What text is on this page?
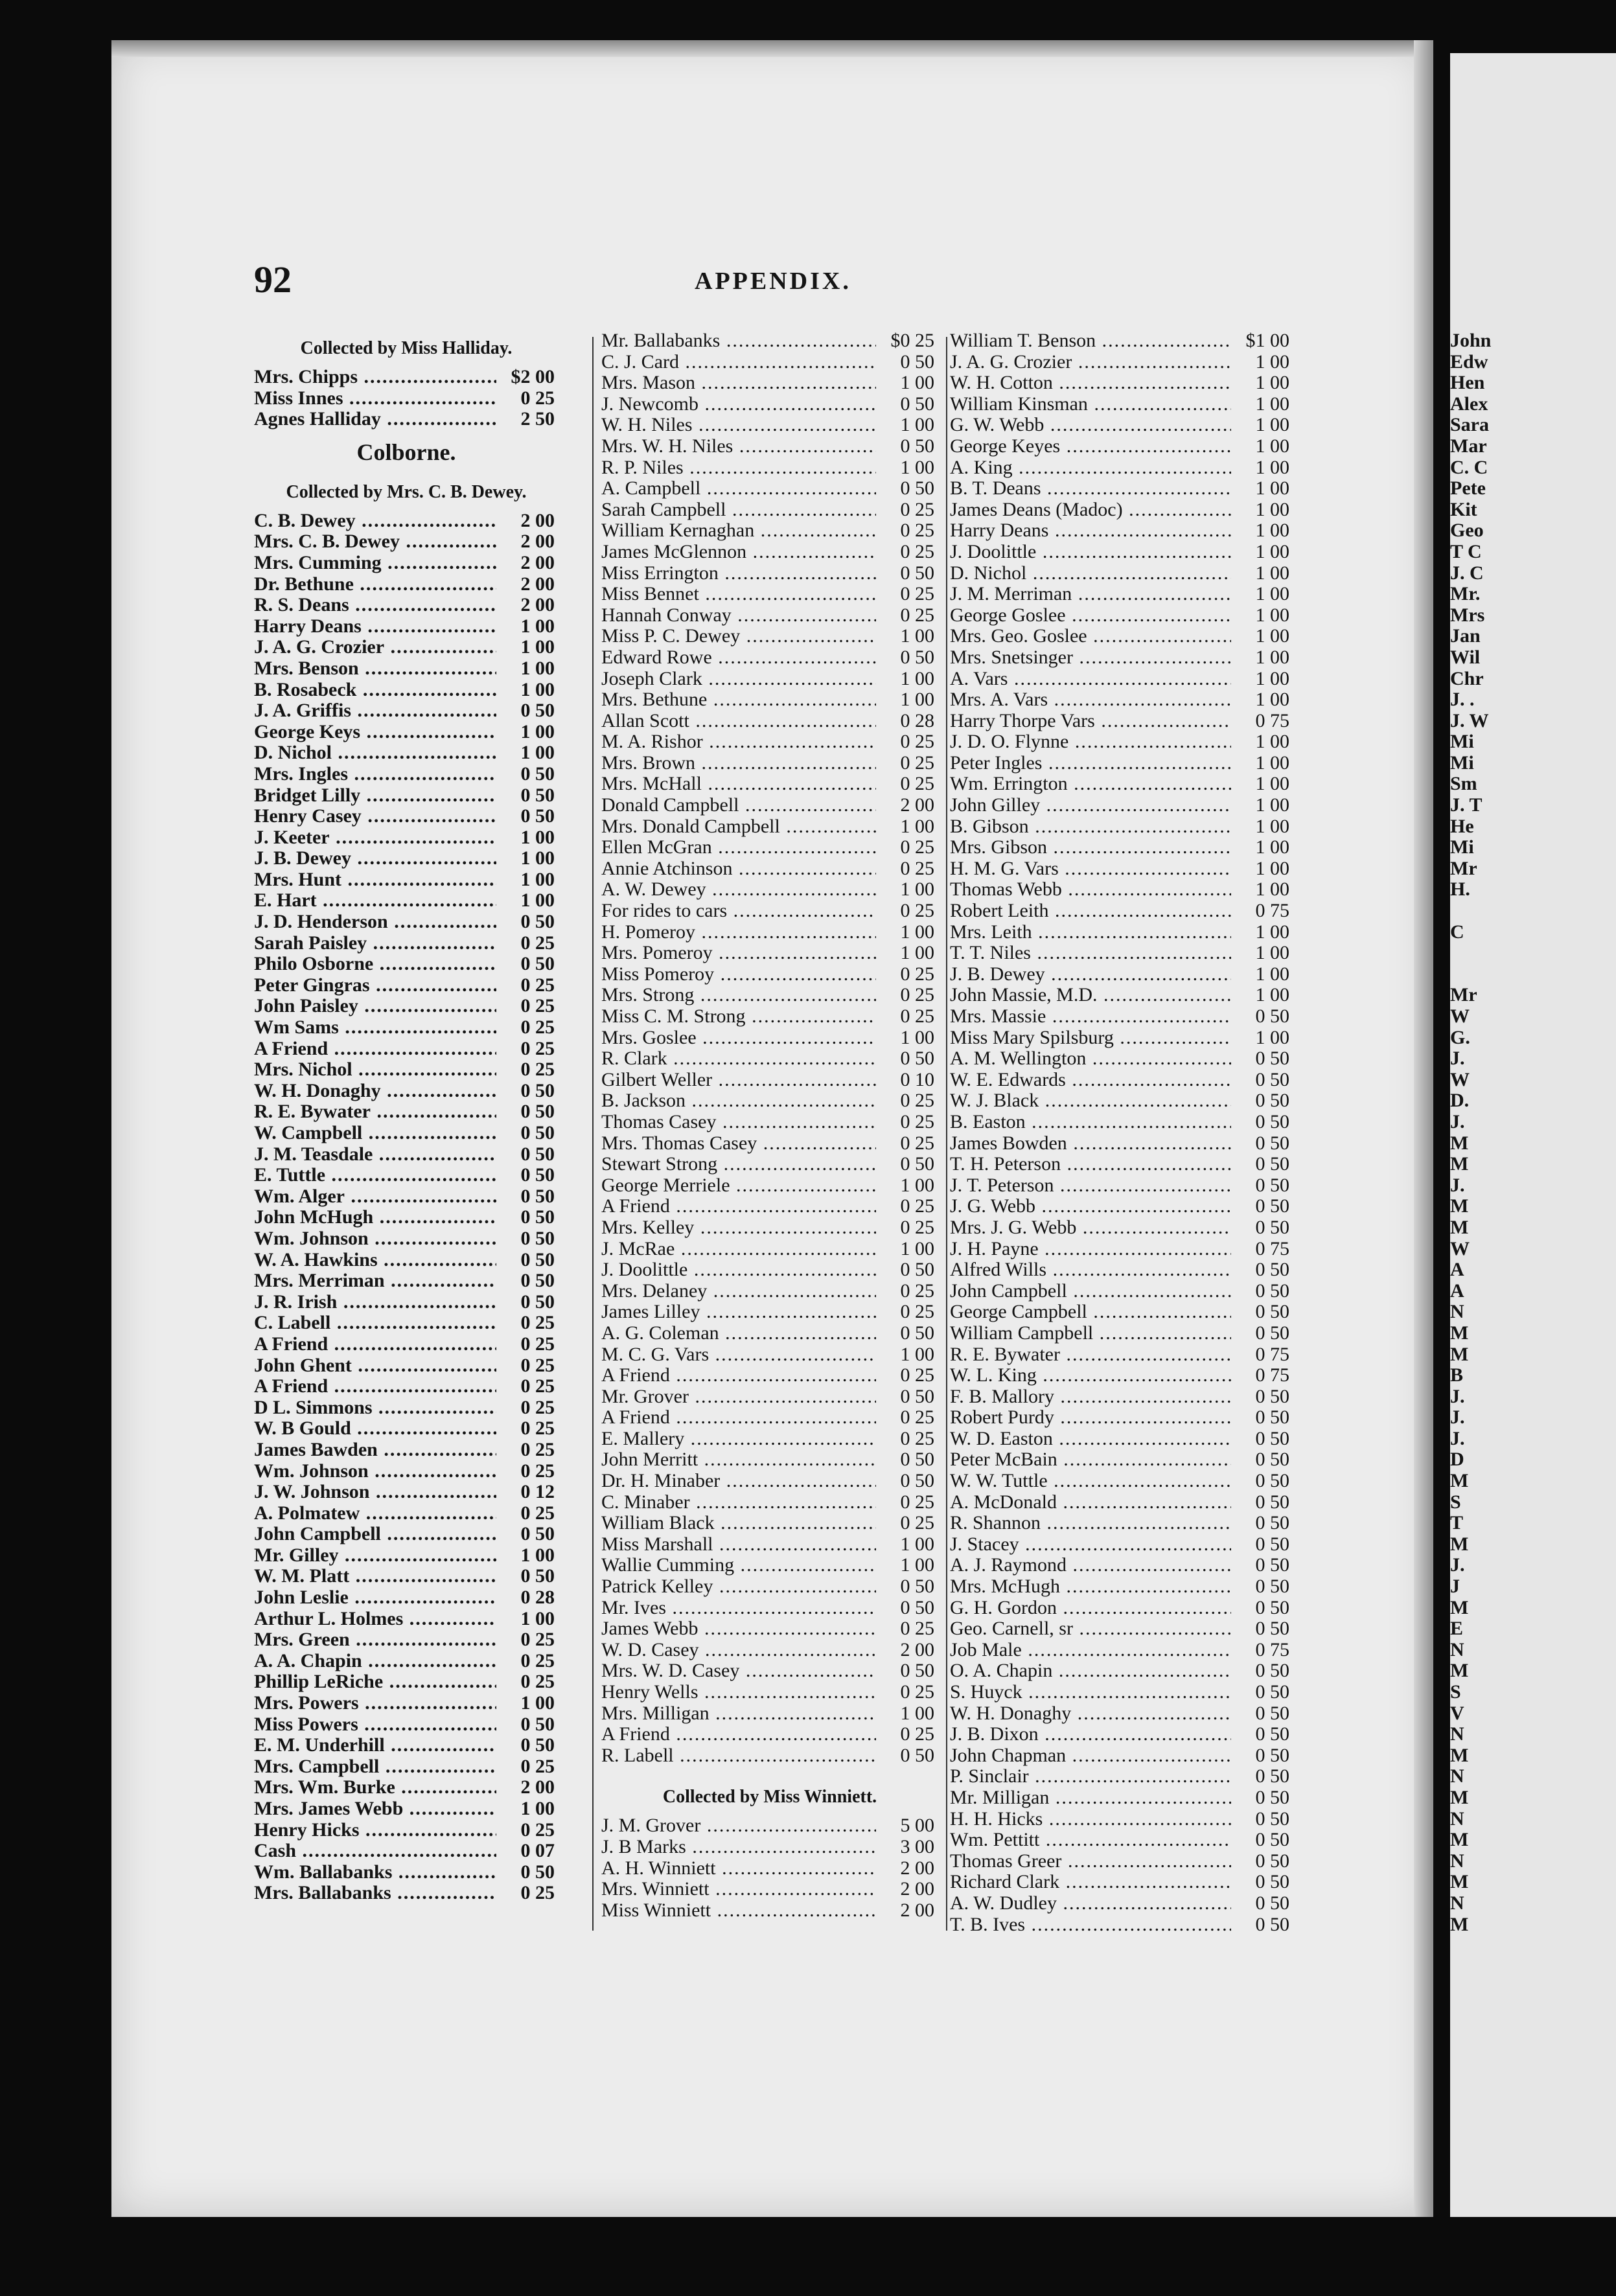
John
Edw
Hen
Alex
Sara
Mar
C. C
Pete
Kit
Geo
T C
J. C
Mr.
Mrs
Jan
Wil
Chr
J. .
J. W
Mi
Mi
Sm
J. T
He
Mi
Mr
H.
C
Mr
W
G.
J.
W
D.
J.
M
M
J.
M
M
W
A
A
N
M
M
B
J.
J.
J.
D
M
S
T
M
J.
J
M
E
N
M
S
V
N
M
N
M
N
M
N
M
N
M
92	APPENDIX.
Collected by Miss Halliday.
Mrs. Chipps .....	$2 00
Miss Innes .....	0 25
Agnes Halliday .....	2 50
Colborne.
Collected by Mrs. C. B. Dewey.
C. B. Dewey .....	2 00
Mrs. C. B. Dewey .....	2 00
Mrs. Cumming .....	2 00
Dr. Bethune .....	2 00
R. S. Deans .....	2 00
Harry Deans .....	1 00
J. A. G. Crozier .....	1 00
Mrs. Benson .....	1 00
B. Rosabeck .....	1 00
J. A. Griffis .....	0 50
George Keys .....	1 00
D. Nichol .....	1 00
Mrs. Ingles .....	0 50
Bridget Lilly .....	0 50
Henry Casey .....	0 50
J. Keeter .....	1 00
J. B. Dewey .....	1 00
Mrs. Hunt .....	1 00
E. Hart .....	1 00
J. D. Henderson .....	0 50
Sarah Paisley .....	0 25
Philo Osborne .....	0 50
Peter Gingras .....	0 25
John Paisley .....	0 25
Wm Sams .....	0 25
A Friend .....	0 25
Mrs. Nichol .....	0 25
W. H. Donaghy .....	0 50
R. E. Bywater .....	0 50
W. Campbell .....	0 50
J. M. Teasdale .....	0 50
E. Tuttle .....	0 50
Wm. Alger .....	0 50
John McHugh .....	0 50
Wm. Johnson .....	0 50
W. A. Hawkins .....	0 50
Mrs. Merriman .....	0 50
J. R. Irish .....	0 50
C. Labell .....	0 25
A Friend .....	0 25
John Ghent .....	0 25
A Friend .....	0 25
D L. Simmons .....	0 25
W. B Gould .....	0 25
James Bawden .....	0 25
Wm. Johnson .....	0 25
J. W. Johnson .....	0 12
A. Polmatew .....	0 25
John Campbell .....	0 50
Mr. Gilley .....	1 00
W. M. Platt .....	0 50
John Leslie .....	0 28
Arthur L. Holmes .....	1 00
Mrs. Green .....	0 25
A. A. Chapin .....	0 25
Phillip LeRiche .....	0 25
Mrs. Powers .....	1 00
Miss Powers .....	0 50
E. M. Underhill .....	0 50
Mrs. Campbell .....	0 25
Mrs. Wm. Burke .....	2 00
Mrs. James Webb .....	1 00
Henry Hicks .....	0 25
Cash .....	0 07
Wm. Ballabanks .....	0 50
Mrs. Ballabanks .....	0 25
Mr. Ballabanks .....	$0 25
C. J. Card .....	0 50
Mrs. Mason .....	1 00
J. Newcomb .....	0 50
W. H. Niles .....	1 00
Mrs. W. H. Niles .....	0 50
R. P. Niles .....	1 00
A. Campbell .....	0 50
Sarah Campbell .....	0 25
William Kernaghan .....	0 25
James McGlennon .....	0 25
Miss Errington .....	0 50
Miss Bennet .....	0 25
Hannah Conway .....	0 25
Miss P. C. Dewey .....	1 00
Edward Rowe .....	0 50
Joseph Clark .....	1 00
Mrs. Bethune .....	1 00
Allan Scott .....	0 28
M. A. Rishor .....	0 25
Mrs. Brown .....	0 25
Mrs. McHall .....	0 25
Donald Campbell .....	2 00
Mrs. Donald Campbell .....	1 00
Ellen McGran .....	0 25
Annie Atchinson .....	0 25
A. W. Dewey .....	1 00
For rides to cars .....	0 25
H. Pomeroy .....	1 00
Mrs. Pomeroy .....	1 00
Miss Pomeroy .....	0 25
Mrs. Strong .....	0 25
Miss C. M. Strong .....	0 25
Mrs. Goslee .....	1 00
R. Clark .....	0 50
Gilbert Weller .....	0 10
B. Jackson .....	0 25
Thomas Casey .....	0 25
Mrs. Thomas Casey .....	0 25
Stewart Strong .....	0 50
George Merriele .....	1 00
A Friend .....	0 25
Mrs. Kelley .....	0 25
J. McRae .....	1 00
J. Doolittle .....	0 50
Mrs. Delaney .....	0 25
James Lilley .....	0 25
A. G. Coleman .....	0 50
M. C. G. Vars .....	1 00
A Friend .....	0 25
Mr. Grover .....	0 50
A Friend .....	0 25
E. Mallery .....	0 25
John Merritt .....	0 50
Dr. H. Minaber .....	0 50
C. Minaber .....	0 25
William Black .....	0 25
Miss Marshall .....	1 00
Wallie Cumming .....	1 00
Patrick Kelley .....	0 50
Mr. Ives .....	0 50
James Webb .....	0 25
W. D. Casey .....	2 00
Mrs. W. D. Casey .....	0 50
Henry Wells .....	0 25
Mrs. Milligan .....	1 00
A Friend .....	0 25
R. Labell .....	0 50
Collected by Miss Winniett.
J. M. Grover .....	5 00
J. B Marks .....	3 00
A. H. Winniett .....	2 00
Mrs. Winniett .....	2 00
Miss Winniett .....	2 00
William T. Benson .....	$1 00
J. A. G. Crozier .....	1 00
W. H. Cotton .....	1 00
William Kinsman .....	1 00
G. W. Webb .....	1 00
George Keyes .....	1 00
A. King .....	1 00
B. T. Deans .....	1 00
James Deans (Madoc) .....	1 00
Harry Deans .....	1 00
J. Doolittle .....	1 00
D. Nichol .....	1 00
J. M. Merriman .....	1 00
George Goslee .....	1 00
Mrs. Geo. Goslee .....	1 00
Mrs. Snetsinger .....	1 00
A. Vars .....	1 00
Mrs. A. Vars .....	1 00
Harry Thorpe Vars .....	0 75
J. D. O. Flynne .....	1 00
Peter Ingles .....	1 00
Wm. Errington .....	1 00
John Gilley .....	1 00
B. Gibson .....	1 00
Mrs. Gibson .....	1 00
H. M. G. Vars .....	1 00
Thomas Webb .....	1 00
Robert Leith .....	0 75
Mrs. Leith .....	1 00
T. T. Niles .....	1 00
J. B. Dewey .....	1 00
John Massie, M.D. .....	1 00
Mrs. Massie .....	0 50
Miss Mary Spilsburg .....	1 00
A. M. Wellington .....	0 50
W. E. Edwards .....	0 50
W. J. Black .....	0 50
B. Easton .....	0 50
James Bowden .....	0 50
T. H. Peterson .....	0 50
J. T. Peterson .....	0 50
J. G. Webb .....	0 50
Mrs. J. G. Webb .....	0 50
J. H. Payne .....	0 75
Alfred Wills .....	0 50
John Campbell .....	0 50
George Campbell .....	0 50
William Campbell .....	0 50
R. E. Bywater .....	0 75
W. L. King .....	0 75
F. B. Mallory .....	0 50
Robert Purdy .....	0 50
W. D. Easton .....	0 50
Peter McBain .....	0 50
W. W. Tuttle .....	0 50
A. McDonald .....	0 50
R. Shannon .....	0 50
J. Stacey .....	0 50
A. J. Raymond .....	0 50
Mrs. McHugh .....	0 50
G. H. Gordon .....	0 50
Geo. Carnell, sr .....	0 50
Job Male .....	0 75
O. A. Chapin .....	0 50
S. Huyck .....	0 50
W. H. Donaghy .....	0 50
J. B. Dixon .....	0 50
John Chapman .....	0 50
P. Sinclair .....	0 50
Mr. Milligan .....	0 50
H. H. Hicks .....	0 50
Wm. Pettitt .....	0 50
Thomas Greer .....	0 50
Richard Clark .....	0 50
A. W. Dudley .....	0 50
T. B. Ives .....	0 50
